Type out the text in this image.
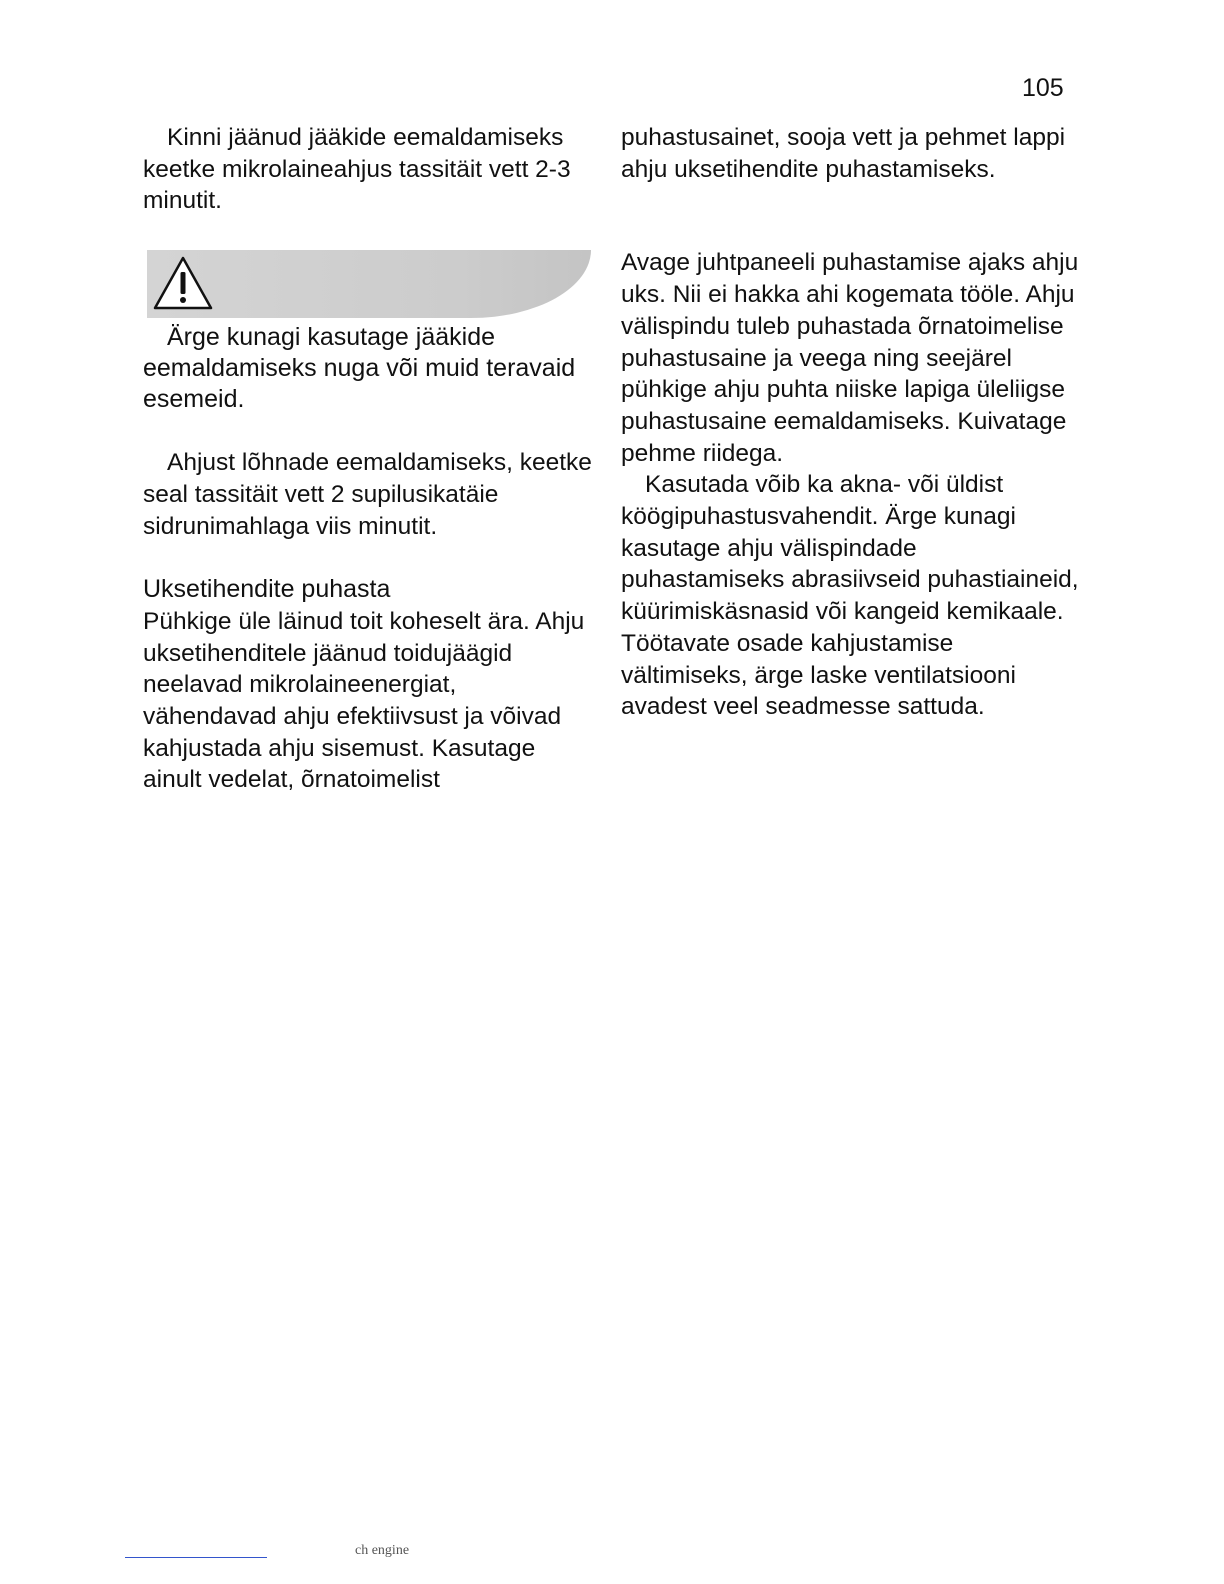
105

Kinni jäänud jääkide eemaldamiseks keetke mikrolaineahjus tassitäit vett 2-3 minutit.

Ärge kunagi kasutage jääkide eemaldamiseks nuga või muid teravaid esemeid.

Ahjust lõhnade eemaldamiseks, keetke seal tassitäit vett 2 supilusikatäie sidrunimahlaga viis minutit.

Uksetihendite puhasta

Pühkige üle läinud toit koheselt ära. Ahju uksetihenditele jäänud toidujäägid neelavad mikrolaineenergiat, vähendavad ahju efektiivsust ja võivad kahjustada ahju sisemust. Kasutage ainult vedelat, õrnatoimelist

puhastusainet, sooja vett ja pehmet lappi ahju uksetihendite puhastamiseks.

Avage juhtpaneeli puhastamise ajaks ahju uks. Nii ei hakka ahi kogemata tööle. Ahju välispindu tuleb puhastada õrnatoimelise puhastusaine ja veega ning seejärel pühkige ahju puhta niiske lapiga üleliigse puhastusaine eemaldamiseks. Kuivatage pehme riidega.

Kasutada võib ka akna- või üldist köögipuhastusvahendit. Ärge kunagi kasutage ahju välispindade puhastamiseks abrasiivseid puhastiaineid, küürimiskäsnasid või kangeid kemikaale. Töötavate osade kahjustamise vältimiseks, ärge laske ventilatsiooni avadest veel seadmesse sattuda.

ch engine
